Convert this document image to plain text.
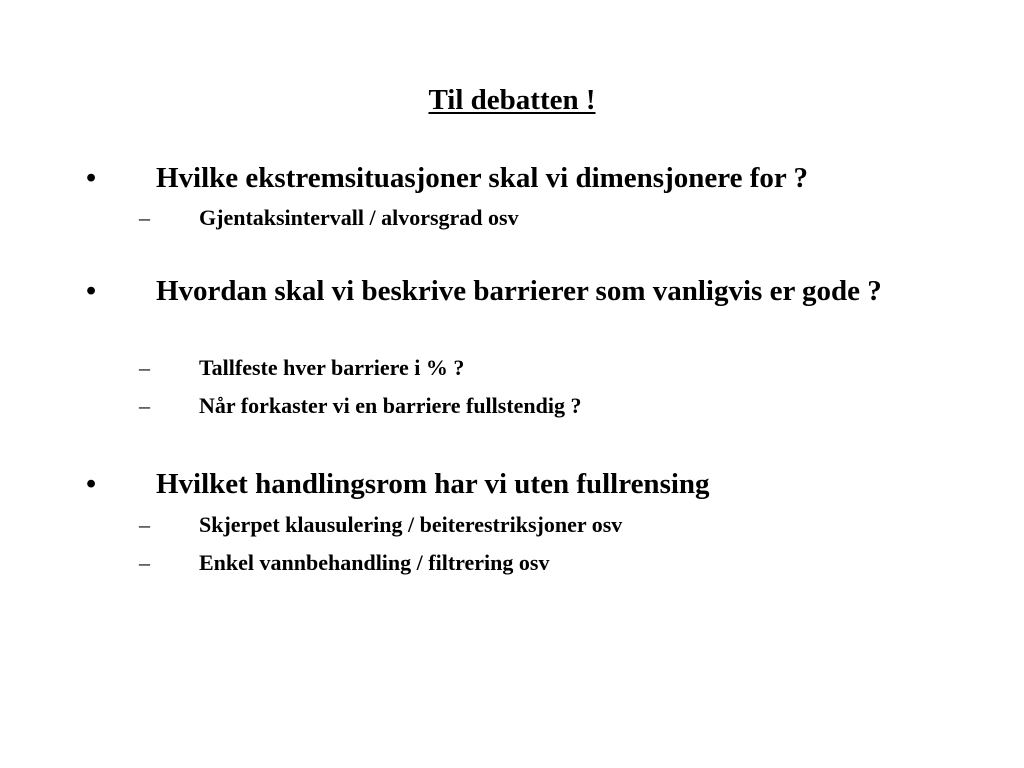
Til debatten !
• Hvilke ekstremsituasjoner skal vi dimensjonere for ?
– Gjentaksintervall / alvorsgrad osv
• Hvordan skal vi beskrive barrierer som vanligvis er gode ?
– Tallfeste hver barriere i % ?
– Når forkaster vi en barriere fullstendig ?
• Hvilket handlingsrom har vi uten fullrensing
– Skjerpet klausulering / beiterestriksjoner osv
– Enkel vannbehandling / filtrering osv
